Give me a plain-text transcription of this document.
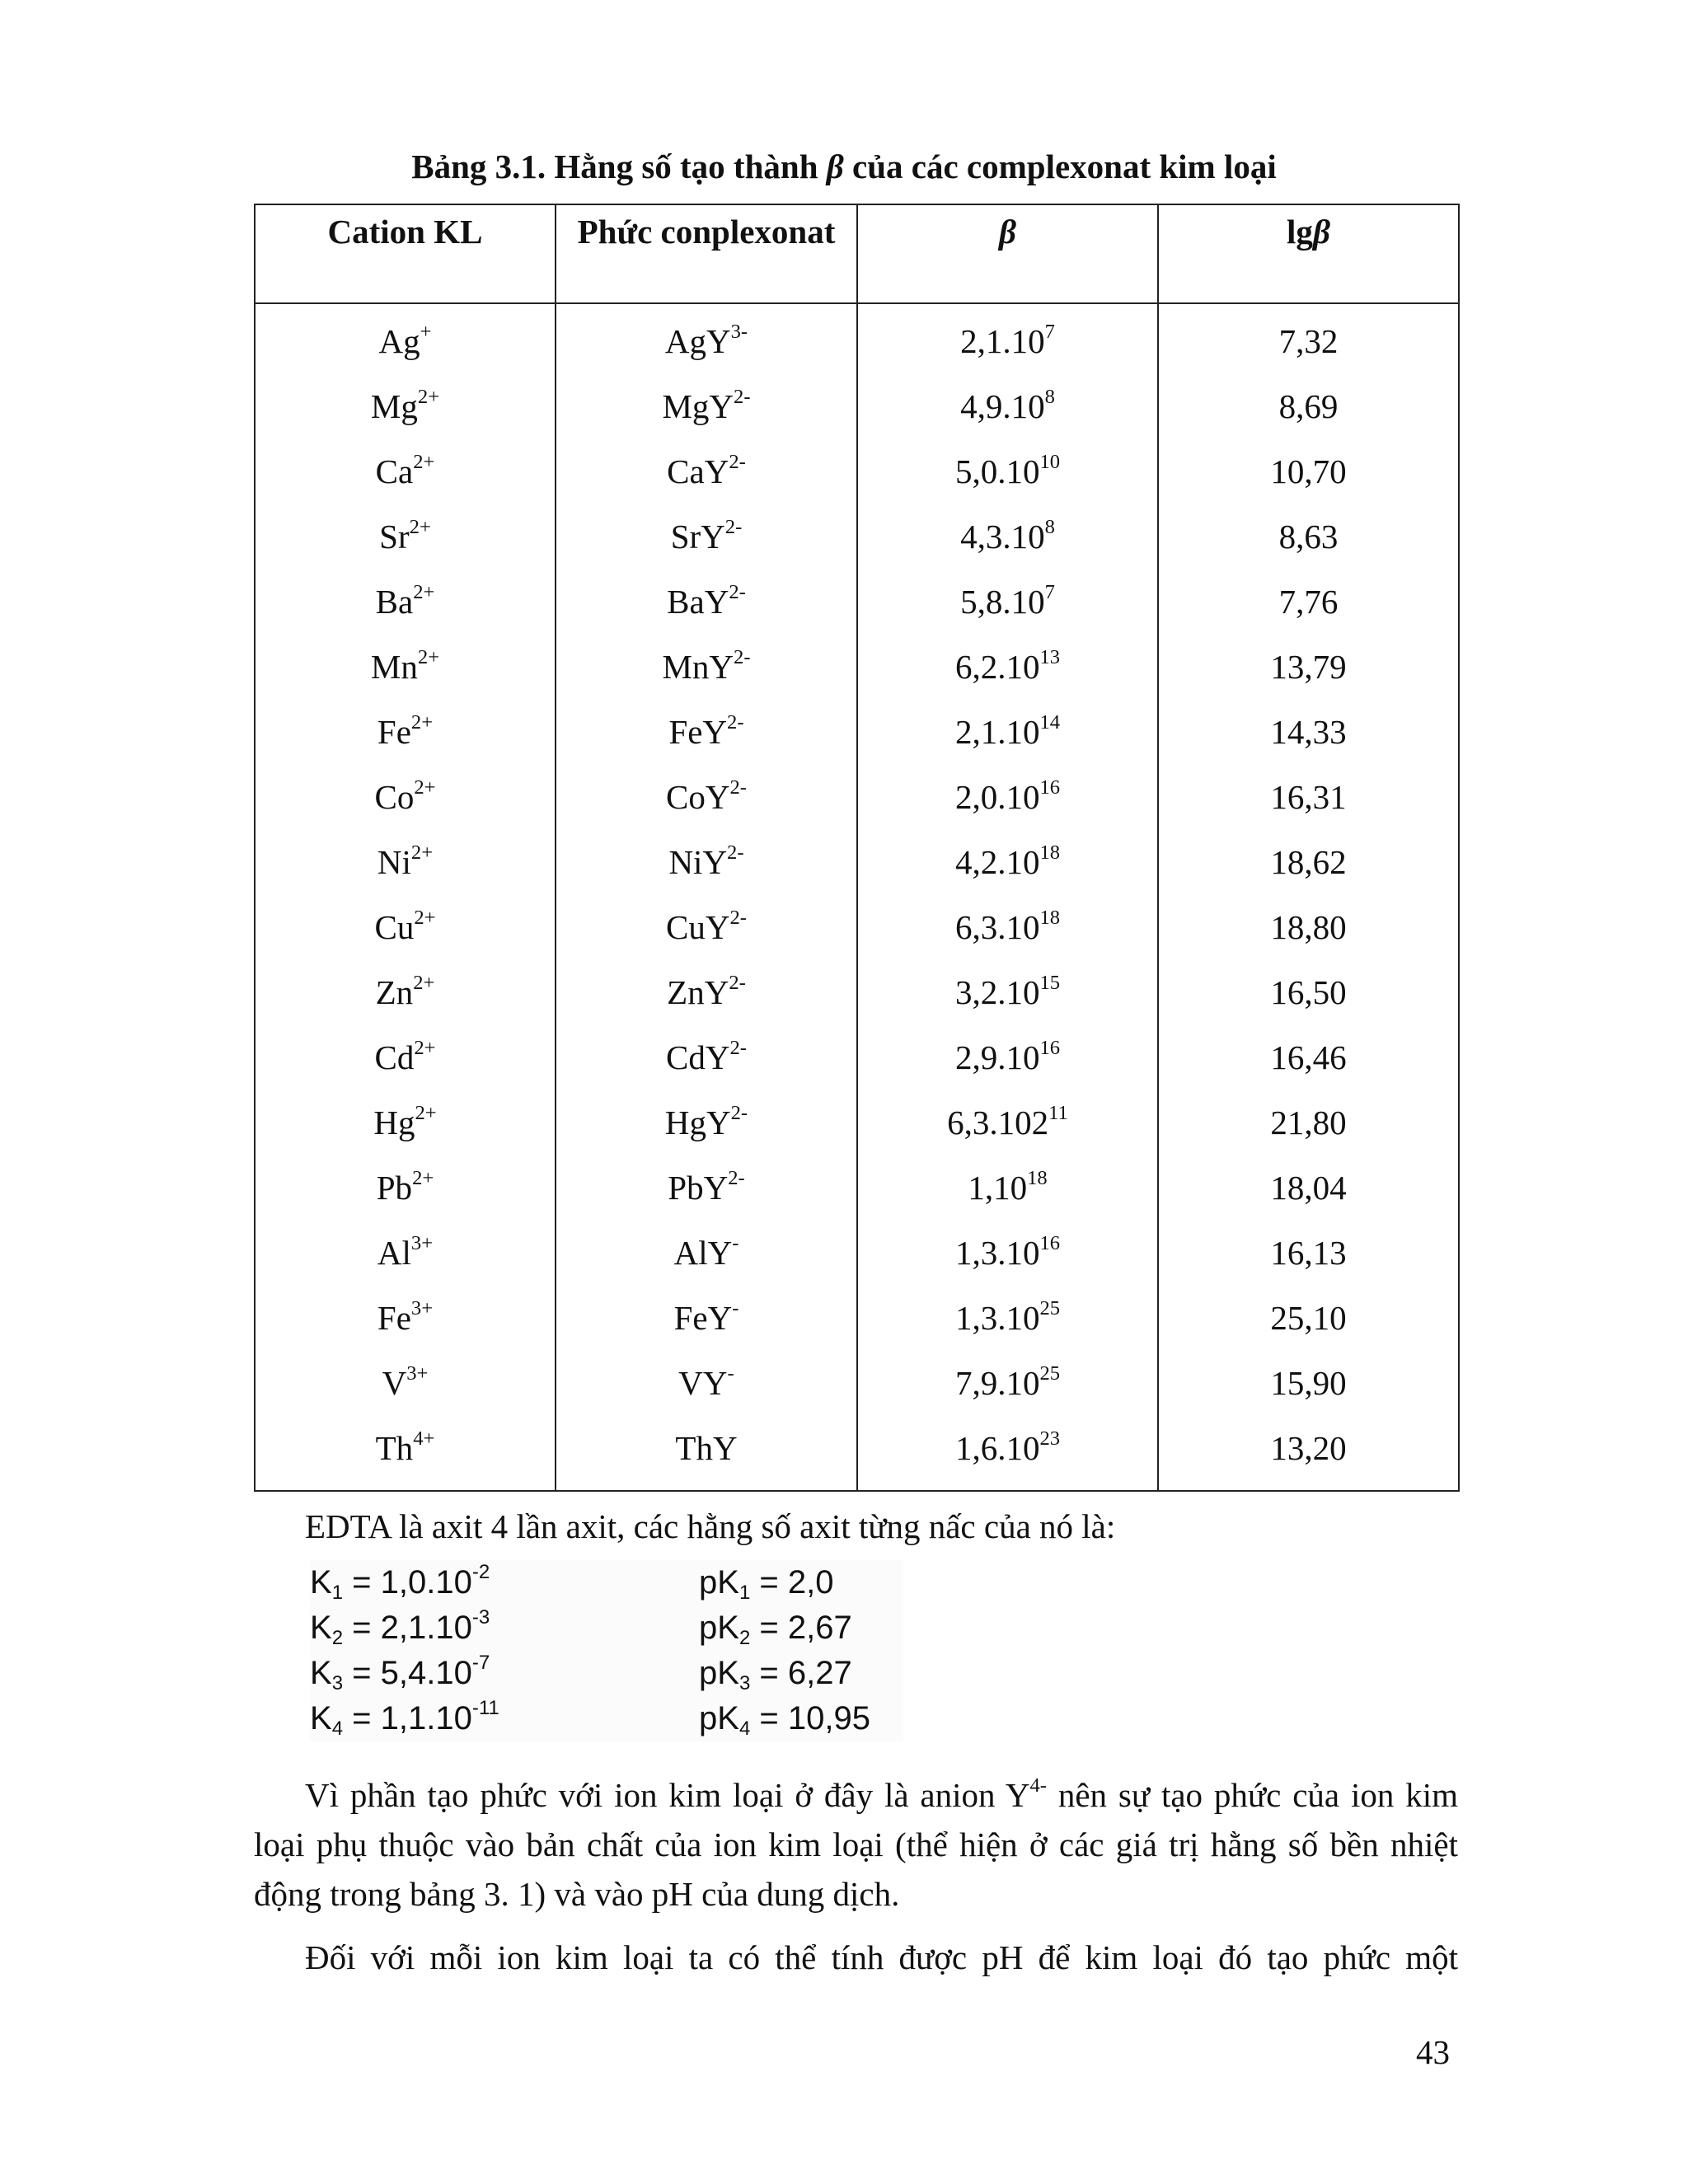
Bảng 3.1. Hằng số tạo thành β của các complexonat kim loại
Cation KL	Phức conplexonat	β	lgβ
Ag+	AgY$^{3-}$	2,1.10$^7$	7,32
$Mg^{2+}$	MgY$^{2-}$	4,9.10$^8$	8,69
$Ca^{2+}$	CaY$^{2-}$	5,0.10$^{10}$	10,70
$Sr^{2+}$	SrY$^{2-}$	4,3.10$^8$	8,63
$Ba^{2+}$	BaY$^{2-}$	5,8.10$^7$	7,76
$Mn^{2+}$	MnY$^{2-}$	6,2.10$^{13}$	13,79
$Fe^{2+}$	FeY$^{2-}$	2,1.10$^{14}$	14,33
$Co^{2+}$	CoY$^{2-}$	2,0.10$^{16}$	16,31
$Ni^{2+}$	NiY$^{2-}$	4,2.10$^{18}$	18,62
$Cu^{2+}$	CuY$^{2-}$	6,3.10$^{18}$	18,80
$Zn^{2+}$	ZnY$^{2-}$	3,2.10$^{15}$	16,50
$Cd^{2+}$	CdY$^{2-}$	2,9.10$^{16}$	16,46
$Hg^{2+}$	HgY$^{2-}$	6,3.102$^{11}$	21,80
$Pb^{2+}$	PbY$^{2-}$	1,10$^{18}$	18,04
$Al^{3+}$	AlY-	1,3.10$^{16}$	16,13
$Fe^{3+}$	FeY-	1,3.10$^{25}$	25,10
$V^{3+}$	VY-	7,9.10$^{25}$	15,90
$Th^{4+}$	ThY	1,6.10$^{23}$	13,20
EDTA là axit 4 lần axit, các hằng số axit từng nấc của nó là:
$K_1 = 1,0.10^{-2}$	$pK_1 = 2,0$
$K_2 = 2,1.10^{-3}$	$pK_2 = 2,67$
$K_3 = 5,4.10^{-7}$	$pK_3 = 6,27$
$K_4 = 1,1.10^{-11}$	$pK_4 = 10,95$
Vì phần tạo phức với ion kim loại ở đây là anion $Y^{4-}$ nên sự tạo phức của ion kim loại phụ thuộc vào bản chất của ion kim loại (thể hiện ở các giá trị hằng số bền nhiệt động trong bảng 3. 1) và vào pH của dung dịch.
Đối với mỗi ion kim loại ta có thể tính được pH để kim loại đó tạo phức một
43
